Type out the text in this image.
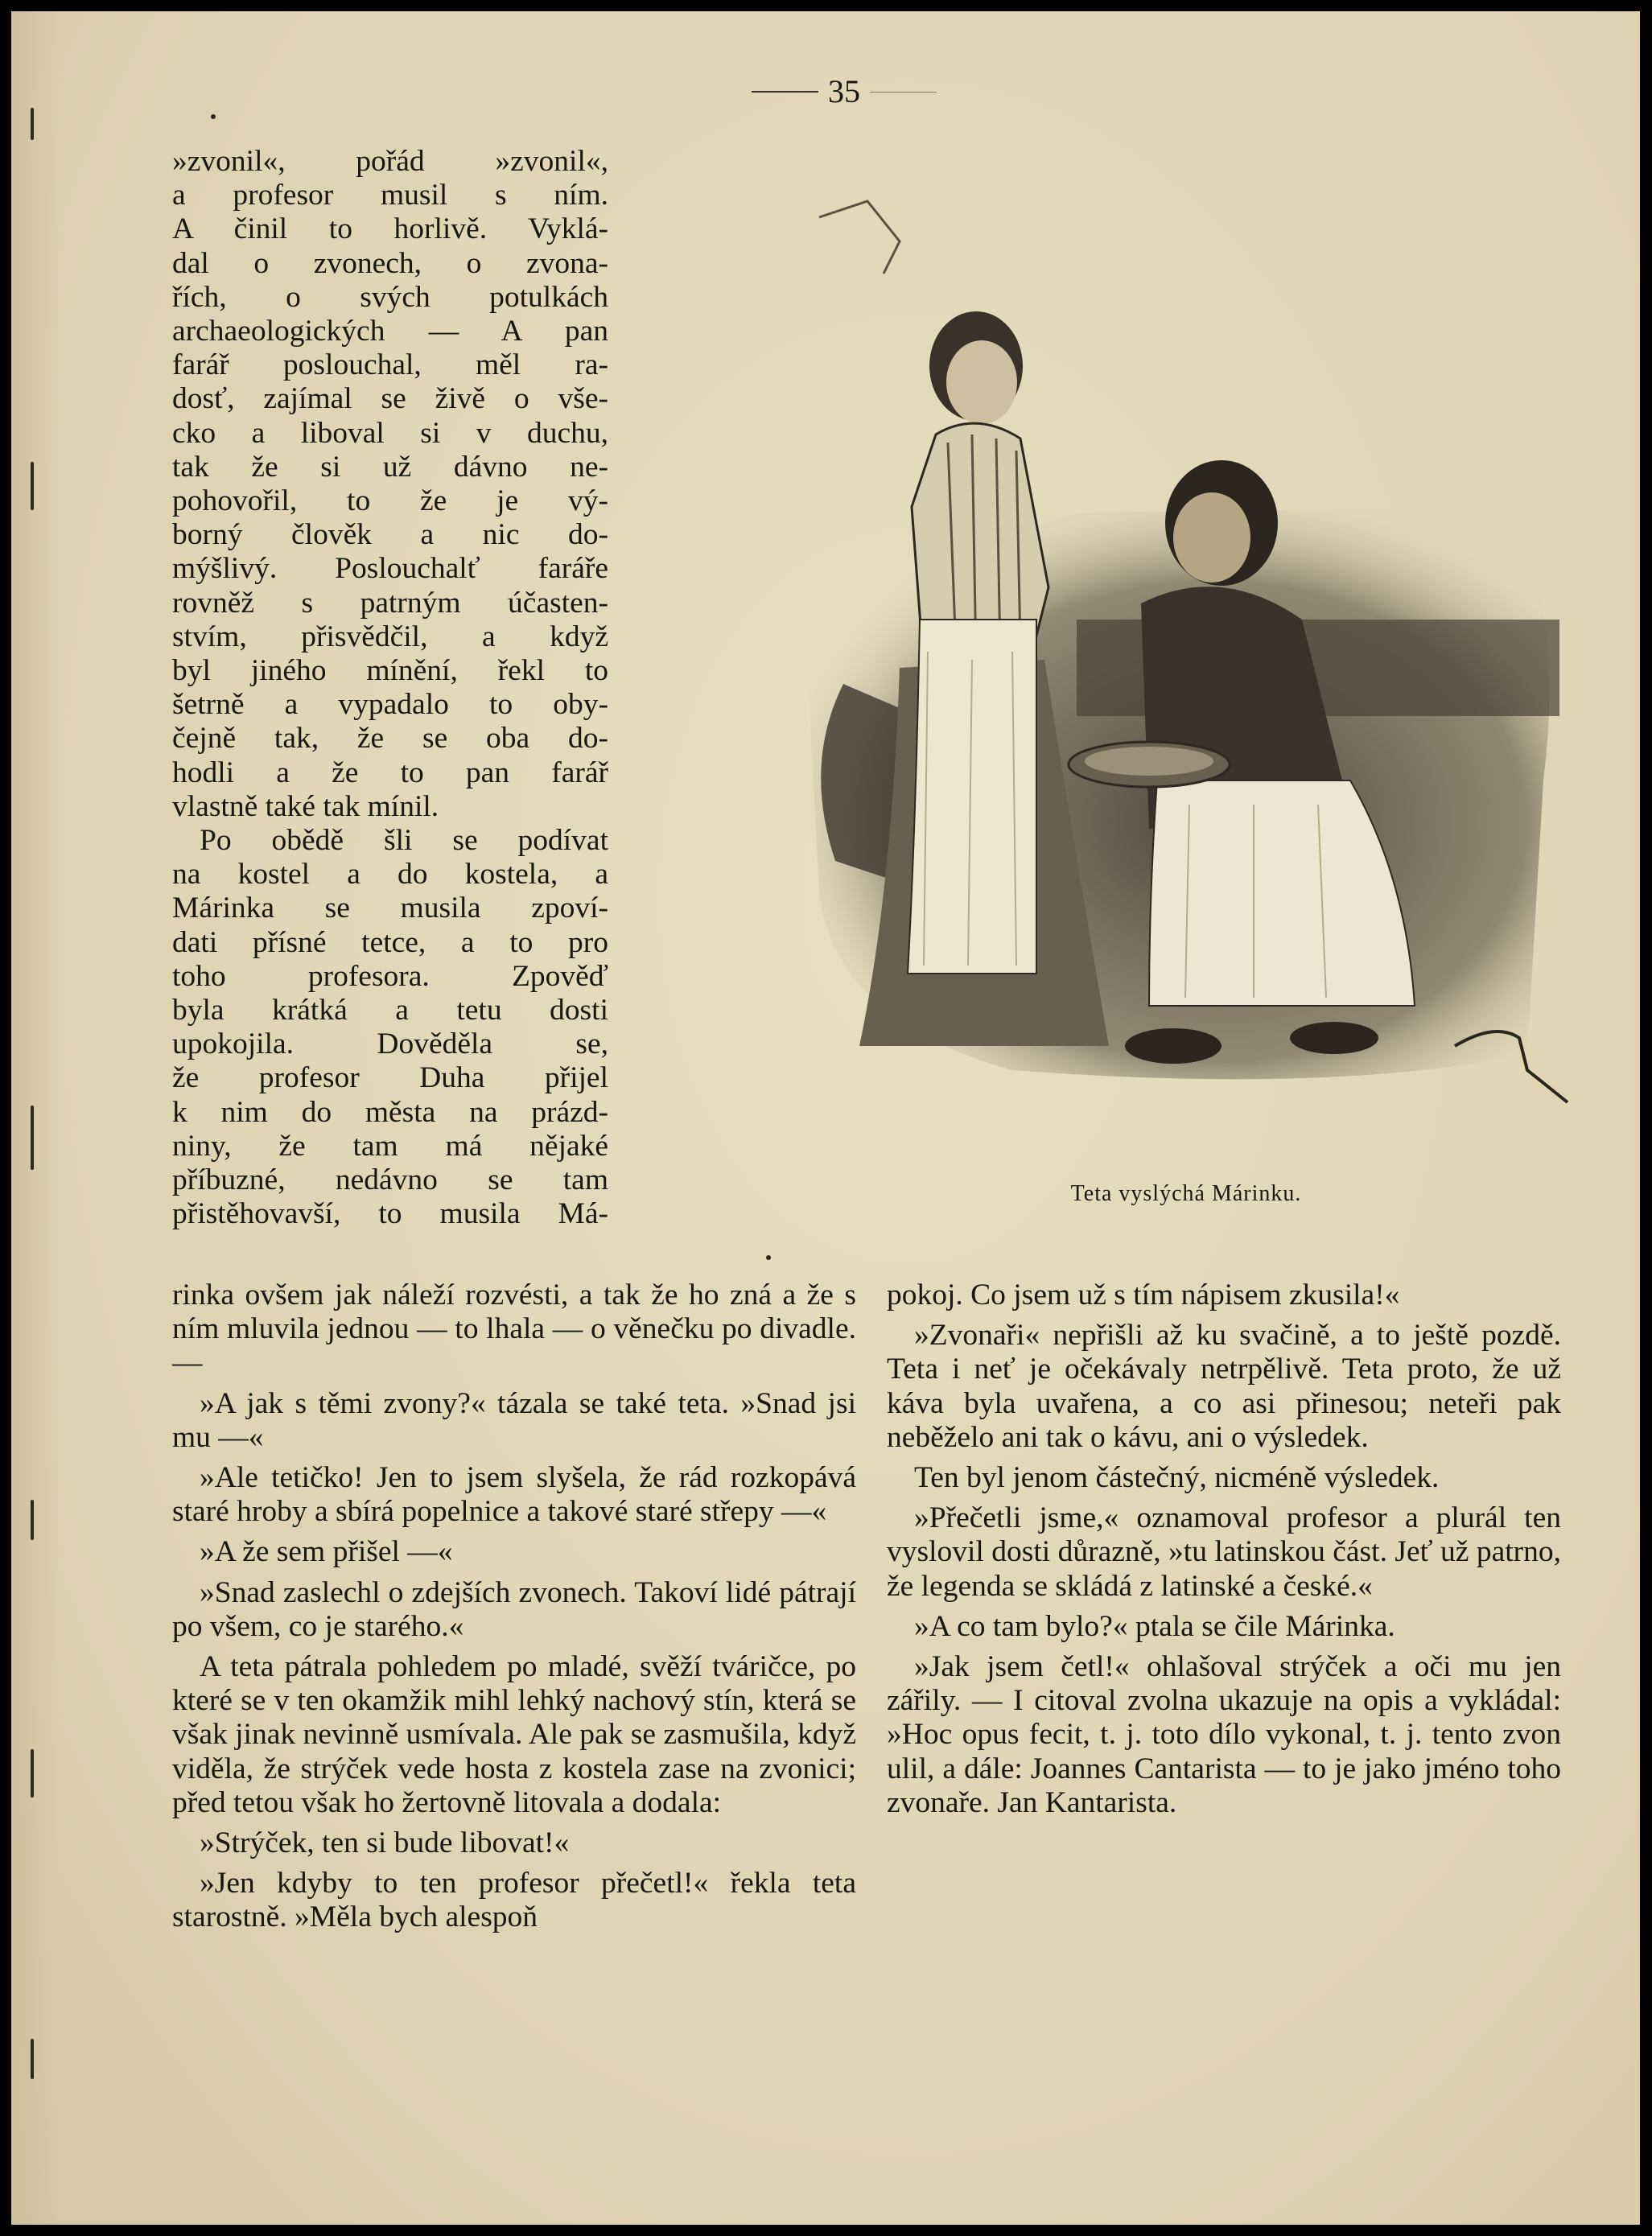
35

»zvonil«, pořád »zvonil«,

a profesor musil s ním.

A činil to horlivě. Vyklá-

dal o zvonech, o zvona-

řích, o svých potulkách

archaeologických — A pan

farář poslouchal, měl ra-

dosť, zajímal se živě o vše-

cko a liboval si v duchu,

tak že si už dávno ne-

pohovořil, to že je vý-

borný člověk a nic do-

mýšlivý. Poslouchalť faráře

rovněž s patrným účasten-

stvím, přisvědčil, a když

byl jiného mínění, řekl to

šetrně a vypadalo to oby-

čejně tak, že se oba do-

hodli a že to pan farář

vlastně také tak mínil.

Po obědě šli se podívat

na kostel a do kostela, a

Márinka se musila zpoví-

dati přísné tetce, a to pro

toho profesora. Zpověď

byla krátká a tetu dosti

upokojila. Dověděla se,

že profesor Duha přijel

k nim do města na prázd-

niny, že tam má nějaké

příbuzné, nedávno se tam

přistěhovavší, to musila Má-

Teta vyslýchá Márinku.

rinka ovšem jak náleží rozvésti, a tak že ho zná a že s ním mluvila jednou — to lhala — o věnečku po divadle. —

»A jak s těmi zvony?« tázala se také teta. »Snad jsi mu —«

»Ale tetičko! Jen to jsem slyšela, že rád rozkopává staré hroby a sbírá popelnice a takové staré střepy —«

»A že sem přišel —«

»Snad zaslechl o zdejších zvonech. Takoví lidé pátrají po všem, co je starého.«

A teta pátrala pohledem po mladé, svěží tváričce, po které se v ten okamžik mihl lehký nachový stín, která se však jinak nevinně usmívala. Ale pak se zasmušila, když viděla, že strýček vede hosta z kostela zase na zvonici; před tetou však ho žertovně litovala a dodala:

»Strýček, ten si bude libovat!«

»Jen kdyby to ten profesor přečetl!« řekla teta starostně. »Měla bych alespoň

pokoj. Co jsem už s tím nápisem zkusila!«

»Zvonaři« nepřišli až ku svačině, a to ještě pozdě. Teta i neť je očekávaly netrpělivě. Teta proto, že už káva byla uvařena, a co asi přinesou; neteři pak neběželo ani tak o kávu, ani o výsledek.

Ten byl jenom částečný, nicméně výsledek.

»Přečetli jsme,« oznamoval profesor a plurál ten vyslovil dosti důrazně, »tu latinskou část. Jeť už patrno, že legenda se skládá z latinské a české.«

»A co tam bylo?« ptala se čile Márinka.

»Jak jsem četl!« ohlašoval strýček a oči mu jen zářily. — I citoval zvolna ukazuje na opis a vykládal: »Hoc opus fecit, t. j. toto dílo vykonal, t. j. tento zvon ulil, a dále: Joannes Cantarista — to je jako jméno toho zvonaře. Jan Kantarista.
